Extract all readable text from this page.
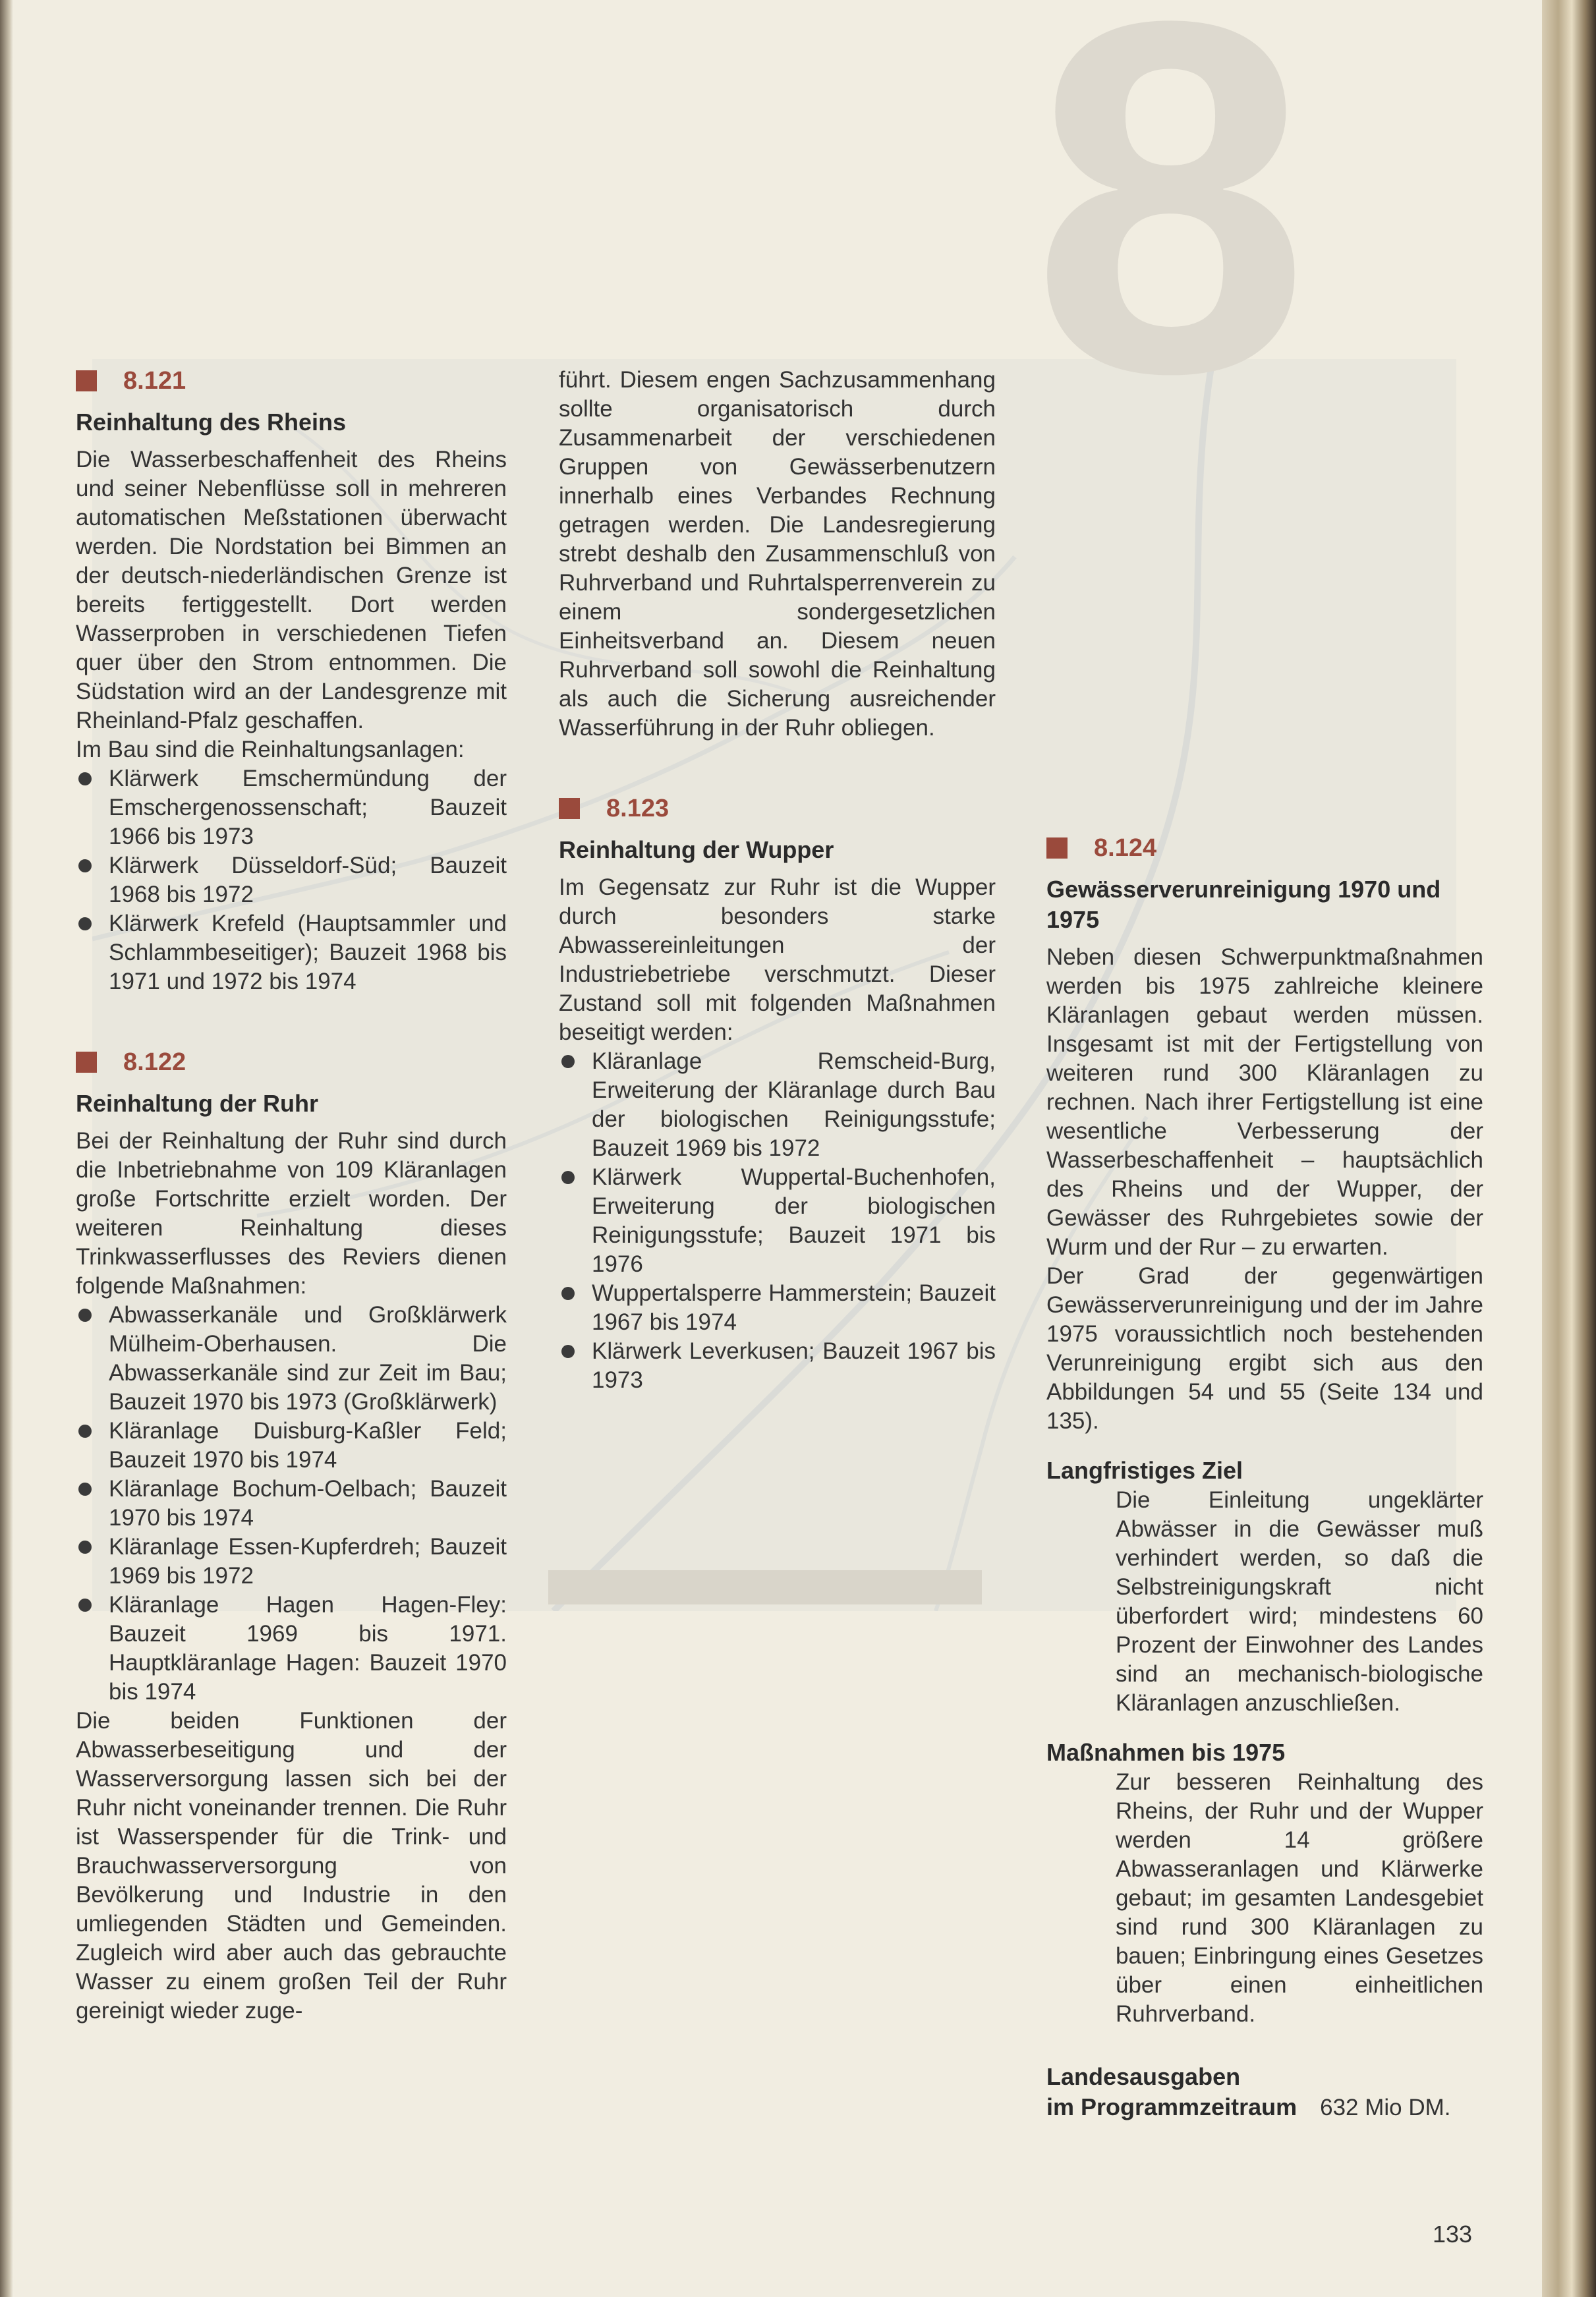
8
8.121
Reinhaltung des Rheins

Die Wasserbeschaffenheit des Rheins und seiner Nebenflüsse soll in mehreren automatischen Meßstationen überwacht werden. Die Nordstation bei Bimmen an der deutsch-niederländischen Grenze ist bereits fertiggestellt. Dort werden Wasserproben in verschiedenen Tiefen quer über den Strom entnommen. Die Südstation wird an der Landesgrenze mit Rheinland-Pfalz geschaffen.

Im Bau sind die Reinhaltungsanlagen:

Klärwerk Emschermündung der Emschergenossenschaft; Bauzeit 1966 bis 1973
Klärwerk Düsseldorf-Süd; Bauzeit 1968 bis 1972
Klärwerk Krefeld (Hauptsammler und Schlammbeseitiger); Bauzeit 1968 bis 1971 und 1972 bis 1974
8.122
Reinhaltung der Ruhr

Bei der Reinhaltung der Ruhr sind durch die Inbetriebnahme von 109 Kläranlagen große Fortschritte erzielt worden. Der weiteren Reinhaltung dieses Trinkwasserflusses des Reviers dienen folgende Maßnahmen:

Abwasserkanäle und Großklärwerk Mülheim-Oberhausen. Die Abwasserkanäle sind zur Zeit im Bau; Bauzeit 1970 bis 1973 (Großklärwerk)
Kläranlage Duisburg-Kaßler Feld; Bauzeit 1970 bis 1974
Kläranlage Bochum-Oelbach; Bauzeit 1970 bis 1974
Kläranlage Essen-Kupferdreh; Bauzeit 1969 bis 1972
Kläranlage Hagen Hagen-Fley: Bauzeit 1969 bis 1971. Hauptkläranlage Hagen: Bauzeit 1970 bis 1974

Die beiden Funktionen der Abwasserbeseitigung und der Wasserversorgung lassen sich bei der Ruhr nicht voneinander trennen. Die Ruhr ist Wasserspender für die Trink- und Brauchwasserversorgung von Bevölkerung und Industrie in den umliegenden Städten und Gemeinden. Zugleich wird aber auch das gebrauchte Wasser zu einem großen Teil der Ruhr gereinigt wieder zuge-

führt. Diesem engen Sachzusammenhang sollte organisatorisch durch Zusammenarbeit der verschiedenen Gruppen von Gewässerbenutzern innerhalb eines Verbandes Rechnung getragen werden. Die Landesregierung strebt deshalb den Zusammenschluß von Ruhrverband und Ruhrtalsperrenverein zu einem sondergesetzlichen Einheitsverband an. Diesem neuen Ruhrverband soll sowohl die Reinhaltung als auch die Sicherung ausreichender Wasserführung in der Ruhr obliegen.

8.123
Reinhaltung der Wupper

Im Gegensatz zur Ruhr ist die Wupper durch besonders starke Abwassereinleitungen der Industriebetriebe verschmutzt. Dieser Zustand soll mit folgenden Maßnahmen beseitigt werden:

Kläranlage Remscheid-Burg, Erweiterung der Kläranlage durch Bau der biologischen Reinigungsstufe; Bauzeit 1969 bis 1972
Klärwerk Wuppertal-Buchenhofen, Erweiterung der biologischen Reinigungsstufe; Bauzeit 1971 bis 1976
Wuppertalsperre Hammerstein; Bauzeit 1967 bis 1974
Klärwerk Leverkusen; Bauzeit 1967 bis 1973
8.124
Gewässerverunreinigung 1970 und 1975

Neben diesen Schwerpunktmaßnahmen werden bis 1975 zahlreiche kleinere Kläranlagen gebaut werden müssen. Insgesamt ist mit der Fertigstellung von weiteren rund 300 Kläranlagen zu rechnen. Nach ihrer Fertigstellung ist eine wesentliche Verbesserung der Wasserbeschaffenheit – hauptsächlich des Rheins und der Wupper, der Gewässer des Ruhrgebietes sowie der Wurm und der Rur – zu erwarten.

Der Grad der gegenwärtigen Gewässerverunreinigung und der im Jahre 1975 voraussichtlich noch bestehenden Verunreinigung ergibt sich aus den Abbildungen 54 und 55 (Seite 134 und 135).

Langfristiges Ziel

Die Einleitung ungeklärter Abwässer in die Gewässer muß verhindert werden, so daß die Selbstreinigungskraft nicht überfordert wird; mindestens 60 Prozent der Einwohner des Landes sind an mechanisch-biologische Kläranlagen anzuschließen.

Maßnahmen bis 1975

Zur besseren Reinhaltung des Rheins, der Ruhr und der Wupper werden 14 größere Abwasseranlagen und Klärwerke gebaut; im gesamten Landesgebiet sind rund 300 Kläranlagen zu bauen; Einbringung eines Gesetzes über einen einheitlichen Ruhrverband.

Landesausgaben
im Programmzeitraum 632 Mio DM.
133
